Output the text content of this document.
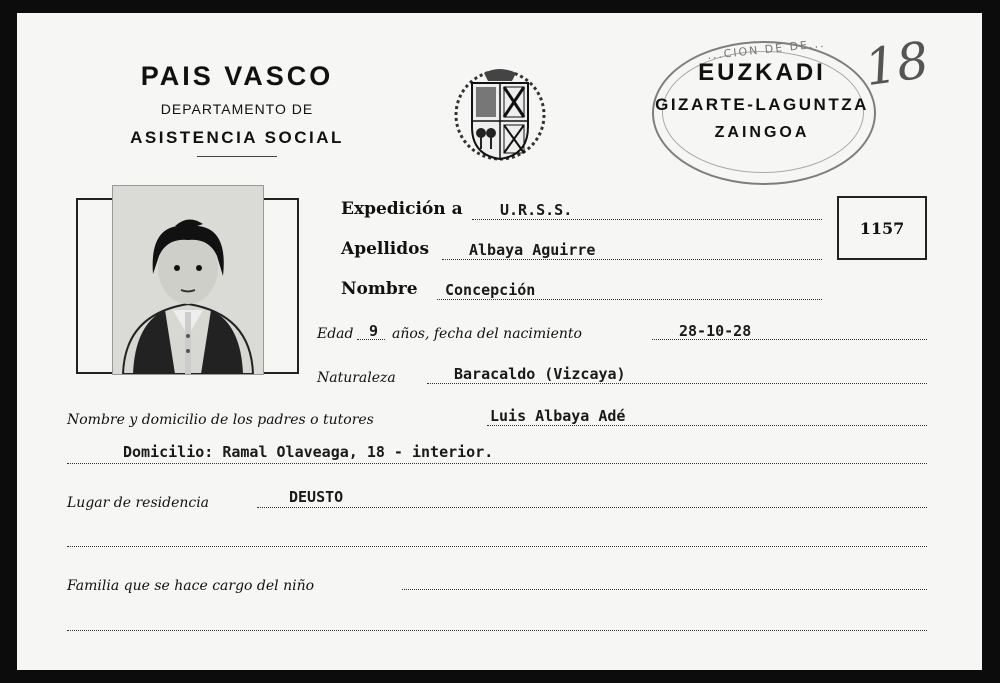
PAIS VASCO
DEPARTAMENTO DE
ASISTENCIA SOCIAL
...CION DE DE...
EUZKADI
GIZARTE-LAGUNTZA
ZAINGOA
18
Expedición a U.R.S.S.
1157
Apellidos	Albaya Aguirre
Nombre Concepción
Edad 9 años, fecha del nacimiento	28-10-28
Naturaleza	Baracaldo (Vizcaya)
Nombre y domicilio de los padres o tutores	Luis Albaya Adé
Domicilio: Ramal Olaveaga, 18 - interior.
Lugar de residencia	DEUSTO
Familia que se hace cargo del niño
